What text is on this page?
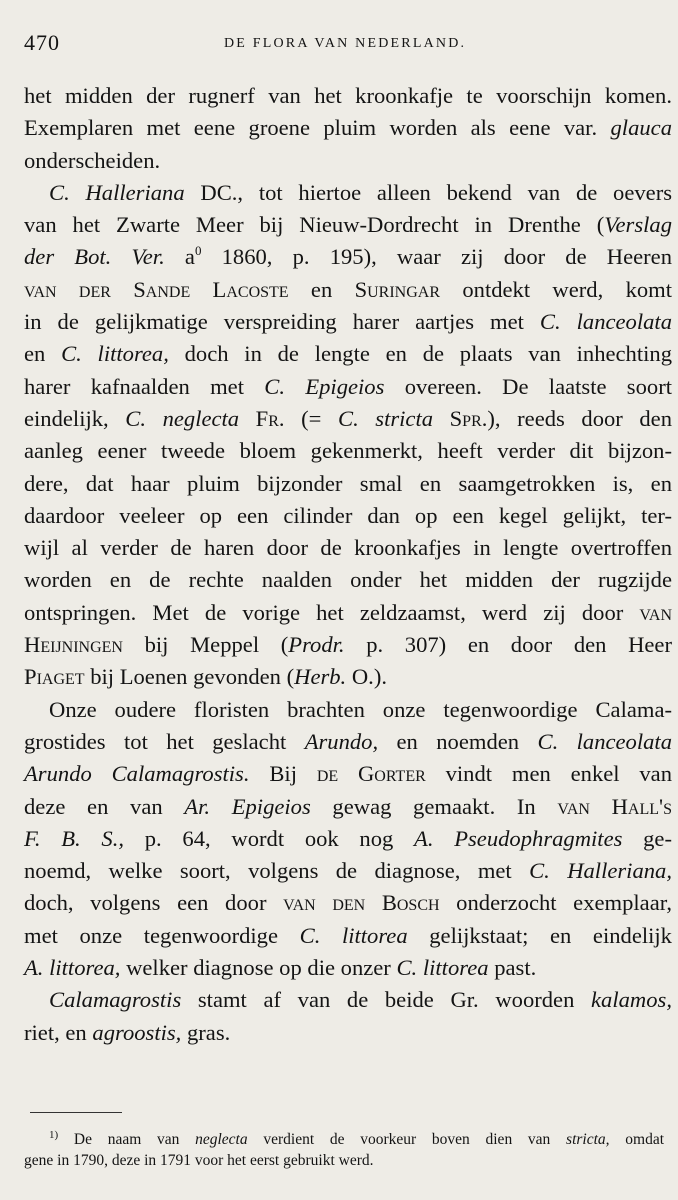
470	DE FLORA VAN NEDERLAND.
het midden der rugnerf van het kroonkafje te voorschijn komen.
Exemplaren met eene groene pluim worden als eene var. glauca
onderscheiden.
C. Halleriana DC., tot hiertoe alleen bekend van de oevers
van het Zwarte Meer bij Nieuw-Dordrecht in Drenthe (Verslag
der Bot. Ver. $a^0$ 1860, p. 195), waar zij door de Heeren
van der Sande Lacoste en Suringar ontdekt werd, komt
in de gelijkmatige verspreiding harer aartjes met C. lanceolata
en C. littorea, doch in de lengte en de plaats van inhechting
harer kafnaalden met C. Epigeios overeen. De laatste soort
eindelijk, C. neglecta Fr. (= C. stricta Spr.), reeds door den
aanleg eener tweede bloem gekenmerkt, heeft verder dit bijzon-
dere, dat haar pluim bijzonder smal en saamgetrokken is, en
daardoor veeleer op een cilinder dan op een kegel gelijkt, ter-
wijl al verder de haren door de kroonkafjes in lengte overtroffen
worden en de rechte naalden onder het midden der rugzijde
ontspringen. Met de vorige het zeldzaamst, werd zij door van
Heijningen bij Meppel (Prodr. p. 307) en door den Heer
Piaget bij Loenen gevonden (Herb. O.).
Onze oudere floristen brachten onze tegenwoordige Calama-
grostides tot het geslacht Arundo, en noemden C. lanceolata
Arundo Calamagrostis. Bij de Gorter vindt men enkel van
deze en van Ar. Epigeios gewag gemaakt. In van Hall's
F. B. S., p. 64, wordt ook nog A. Pseudophragmites ge-
noemd, welke soort, volgens de diagnose, met C. Halleriana,
doch, volgens een door van den Bosch onderzocht exemplaar,
met onze tegenwoordige C. littorea gelijkstaat; en eindelijk
A. littorea, welker diagnose op die onzer C. littorea past.
Calamagrostis stamt af van de beide Gr. woorden kalamos,
riet, en agroostis, gras.
$^{1)}$ De naam van neglecta verdient de voorkeur boven dien van stricta, omdat
gene in 1790, deze in 1791 voor het eerst gebruikt werd.
